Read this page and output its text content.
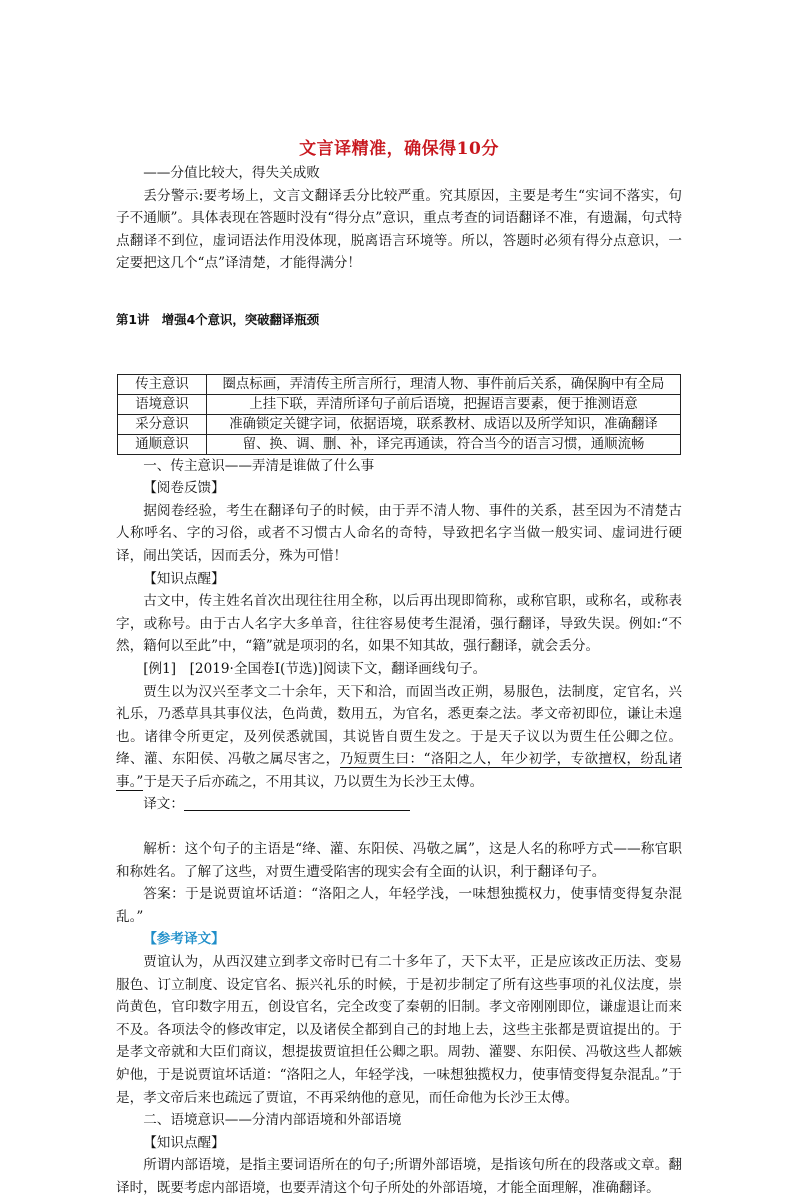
文言译精准，确保得10分

——分值比较大，得失关成败

丢分警示:要考场上，文言文翻译丢分比较严重。究其原因，主要是考生“实词不落实，句子不通顺”。具体表现在答题时没有“得分点”意识，重点考查的词语翻译不准，有遗漏，句式特点翻译不到位，虚词语法作用没体现，脱离语言环境等。所以，答题时必须有得分点意识，一定要把这几个“点”译清楚，才能得满分！

第1讲　增强4个意识，突破翻译瓶颈

传主意识	圈点标画，弄清传主所言所行，理清人物、事件前后关系，确保胸中有全局
语境意识	上挂下联，弄清所译句子前后语境，把握语言要素，便于推测语意
采分意识	准确锁定关键字词，依据语境，联系教材、成语以及所学知识，准确翻译
通顺意识	留、换、调、删、补，译完再通读，符合当今的语言习惯，通顺流畅

一、传主意识——弄清是谁做了什么事

【阅卷反馈】

据阅卷经验，考生在翻译句子的时候，由于弄不清人物、事件的关系，甚至因为不清楚古人称呼名、字的习俗，或者不习惯古人命名的奇特，导致把名字当做一般实词、虚词进行硬译，闹出笑话，因而丢分，殊为可惜！

【知识点醒】

古文中，传主姓名首次出现往往用全称，以后再出现即简称，或称官职，或称名，或称表字，或称号。由于古人名字大多单音，往往容易使考生混淆，强行翻译，导致失误。例如:“不然，籍何以至此”中，“籍”就是项羽的名，如果不知其故，强行翻译，就会丢分。

[例1]　[2019·全国卷Ⅰ(节选)]阅读下文，翻译画线句子。

贾生以为汉兴至孝文二十余年，天下和洽，而固当改正朔，易服色，法制度，定官名，兴礼乐，乃悉草具其事仪法，色尚黄，数用五，为官名，悉更秦之法。孝文帝初即位，谦让未遑也。诸律令所更定，及列侯悉就国，其说皆自贾生发之。于是天子议以为贾生任公卿之位。绛、灌、东阳侯、冯敬之属尽害之，乃短贾生曰：“洛阳之人，年少初学，专欲擅权，纷乱诸事。”于是天子后亦疏之，不用其议，乃以贾生为长沙王太傅。

译文：

解析：这个句子的主语是“绛、灌、东阳侯、冯敬之属”，这是人名的称呼方式——称官职和称姓名。了解了这些，对贾生遭受陷害的现实会有全面的认识，利于翻译句子。

答案：于是说贾谊坏话道：“洛阳之人，年轻学浅，一味想独揽权力，使事情变得复杂混乱。”

【参考译文】

贾谊认为，从西汉建立到孝文帝时已有二十多年了，天下太平，正是应该改正历法、变易服色、订立制度、设定官名、振兴礼乐的时候，于是初步制定了所有这些事项的礼仪法度，崇尚黄色，官印数字用五，创设官名，完全改变了秦朝的旧制。孝文帝刚刚即位，谦虚退让而来不及。各项法令的修改审定，以及诸侯全都到自己的封地上去，这些主张都是贾谊提出的。于是孝文帝就和大臣们商议，想提拔贾谊担任公卿之职。周勃、灌婴、东阳侯、冯敬这些人都嫉妒他，于是说贾谊坏话道：“洛阳之人，年轻学浅，一味想独揽权力，使事情变得复杂混乱。”于是，孝文帝后来也疏远了贾谊，不再采纳他的意见，而任命他为长沙王太傅。

二、语境意识——分清内部语境和外部语境

【知识点醒】

所谓内部语境，是指主要词语所在的句子;所谓外部语境，是指该句所在的段落或文章。翻译时，既要考虑内部语境，也要弄清这个句子所处的外部语境，才能全面理解，准确翻译。
